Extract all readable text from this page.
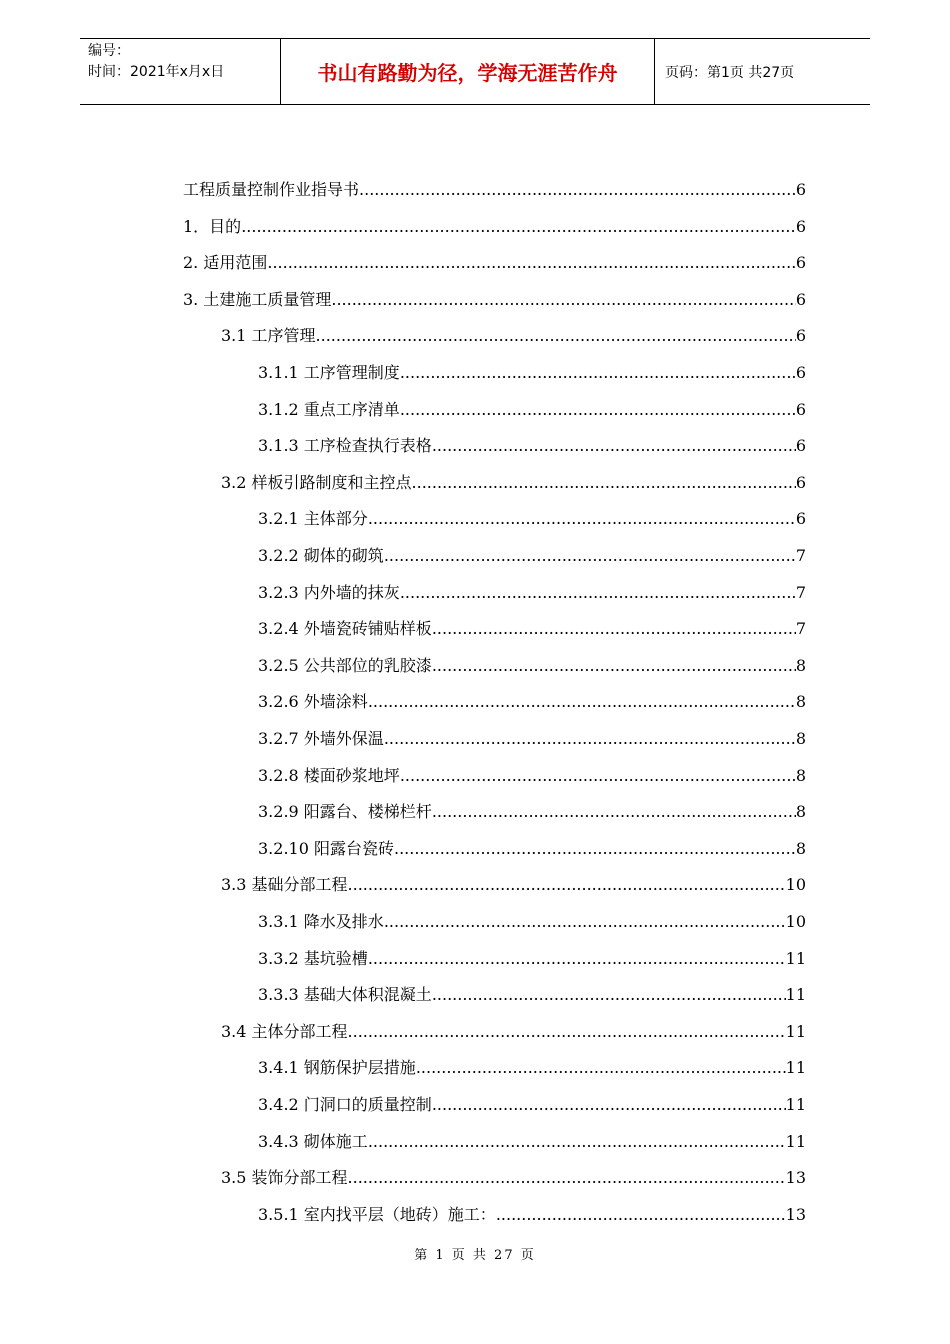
编号：
时间：2021年x月x日	书山有路勤为径，学海无涯苦作舟	页码：第1页 共27页
工程质量控制作业指导书 .....	6
1．目的 .....	6
2. 适用范围 .....	6
3. 土建施工质量管理 .....	6
3.1 工序管理 .....	6
3.1.1 工序管理制度 .....	6
3.1.2 重点工序清单 .....	6
3.1.3 工序检查执行表格 .....	6
3.2 样板引路制度和主控点 .....	6
3.2.1 主体部分 .....	6
3.2.2 砌体的砌筑 .....	7
3.2.3 内外墙的抹灰 .....	7
3.2.4 外墙瓷砖铺贴样板 .....	7
3.2.5 公共部位的乳胶漆 .....	8
3.2.6 外墙涂料 .....	8
3.2.7 外墙外保温 .....	8
3.2.8 楼面砂浆地坪 .....	8
3.2.9 阳露台、楼梯栏杆 .....	8
3.2.10 阳露台瓷砖 .....	8
3.3 基础分部工程 .....	10
3.3.1 降水及排水 .....	10
3.3.2 基坑验槽 .....	11
3.3.3 基础大体积混凝土 .....	11
3.4 主体分部工程 .....	11
3.4.1 钢筋保护层措施 .....	11
3.4.2 门洞口的质量控制 .....	11
3.4.3 砌体施工 .....	11
3.5 装饰分部工程 .....	13
3.5.1 室内找平层（地砖）施工： .....	13
第 1 页 共 27 页
